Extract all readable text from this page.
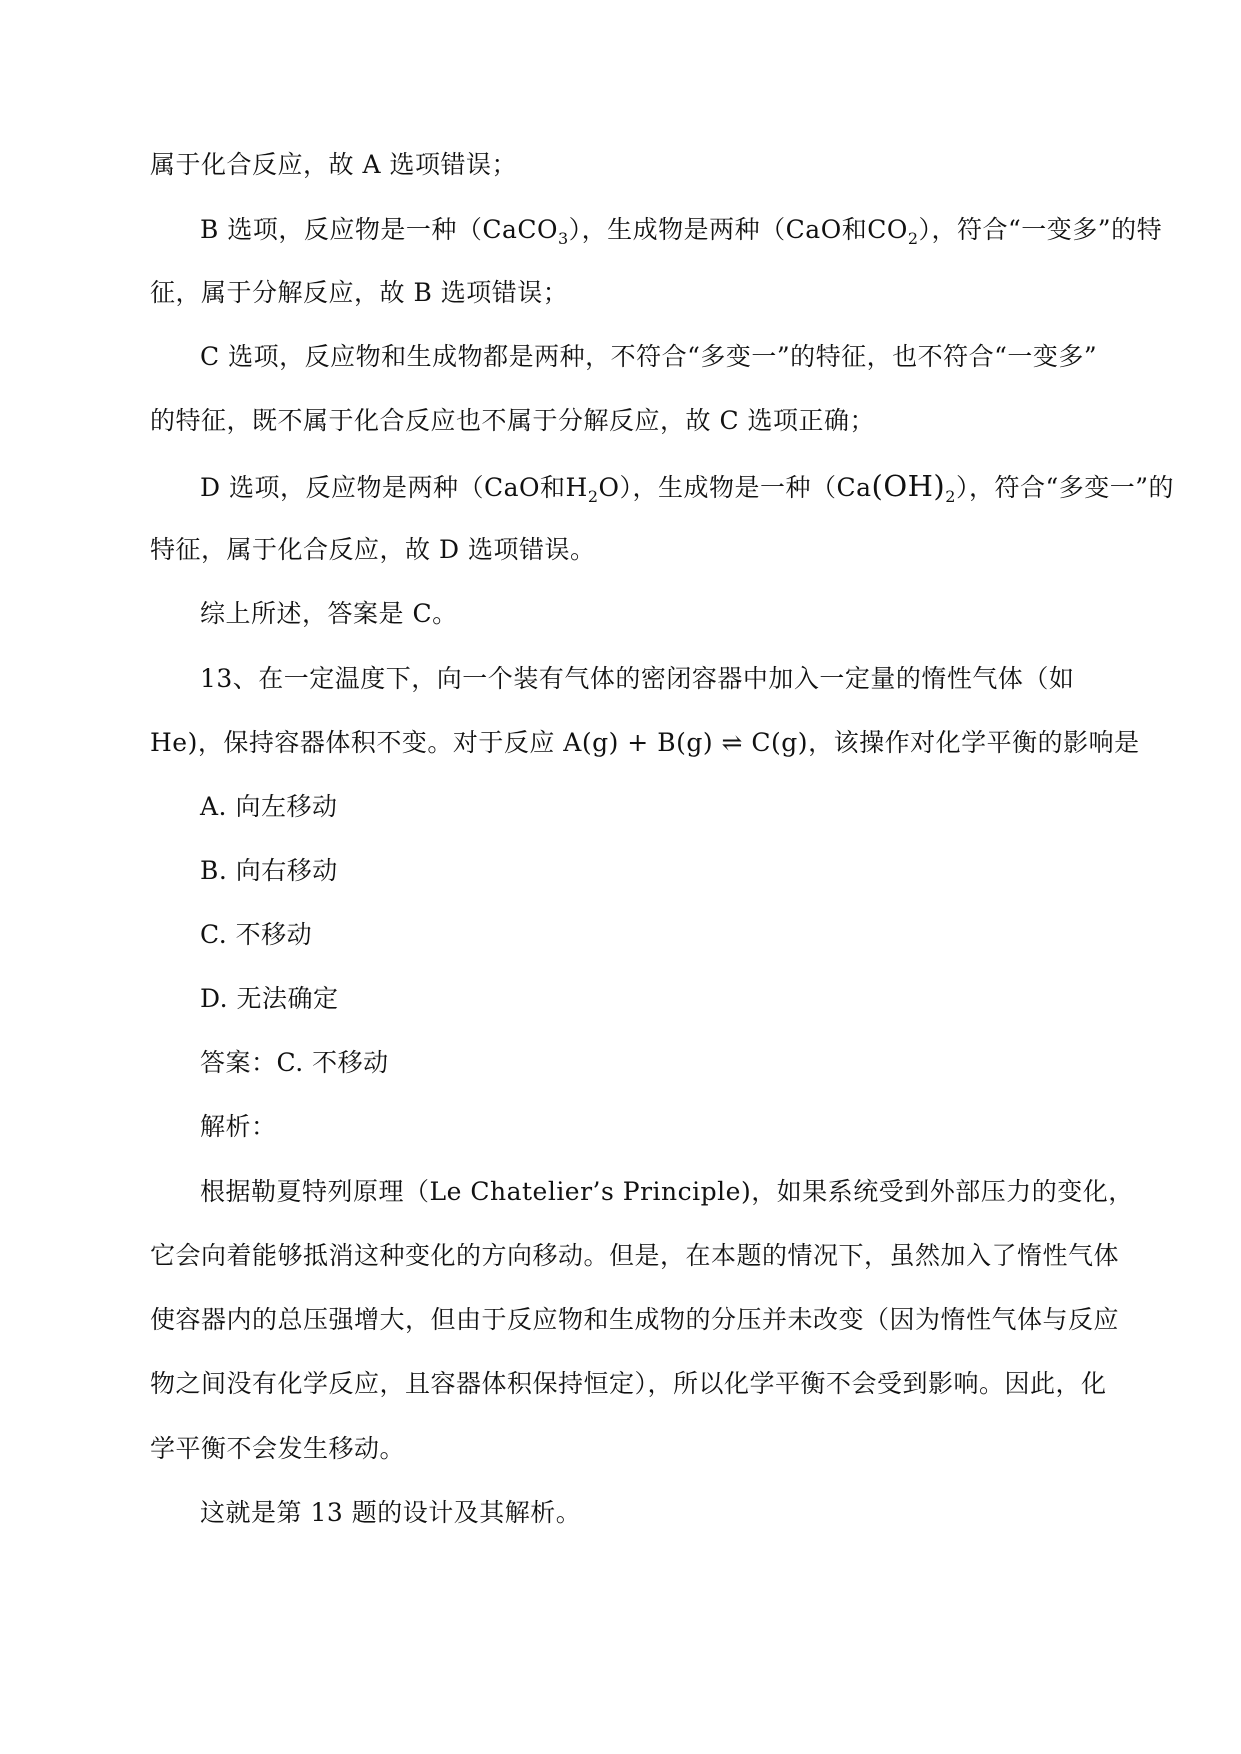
属于化合反应，故 A 选项错误；
B 选项，反应物是一种（CaCO$_3$），生成物是两种（CaO和$CO_2$），符合“一变多”的特
征，属于分解反应，故 B 选项错误；
C 选项，反应物和生成物都是两种，不符合“多变一”的特征，也不符合“一变多”
的特征，既不属于化合反应也不属于分解反应，故 C 选项正确；
D 选项，反应物是两种（CaO和$H_2O$），生成物是一种$(Ca(OH)_2)$，符合“多变一”的
特征，属于化合反应，故 D 选项错误。
综上所述，答案是 C。
13、在一定温度下，向一个装有气体的密闭容器中加入一定量的惰性气体（如
He)，保持容器体积不变。对于反应 A(g) + B(g) ⇌ C(g)，该操作对化学平衡的影响是
A. 向左移动
B. 向右移动
C. 不移动
D. 无法确定
答案：C. 不移动
解析：
根据勒夏特列原理（Le Chatelier’s Principle)，如果系统受到外部压力的变化，
它会向着能够抵消这种变化的方向移动。但是，在本题的情况下，虽然加入了惰性气体
使容器内的总压强增大，但由于反应物和生成物的分压并未改变（因为惰性气体与反应
物之间没有化学反应，且容器体积保持恒定），所以化学平衡不会受到影响。因此，化
学平衡不会发生移动。
这就是第 13 题的设计及其解析。
